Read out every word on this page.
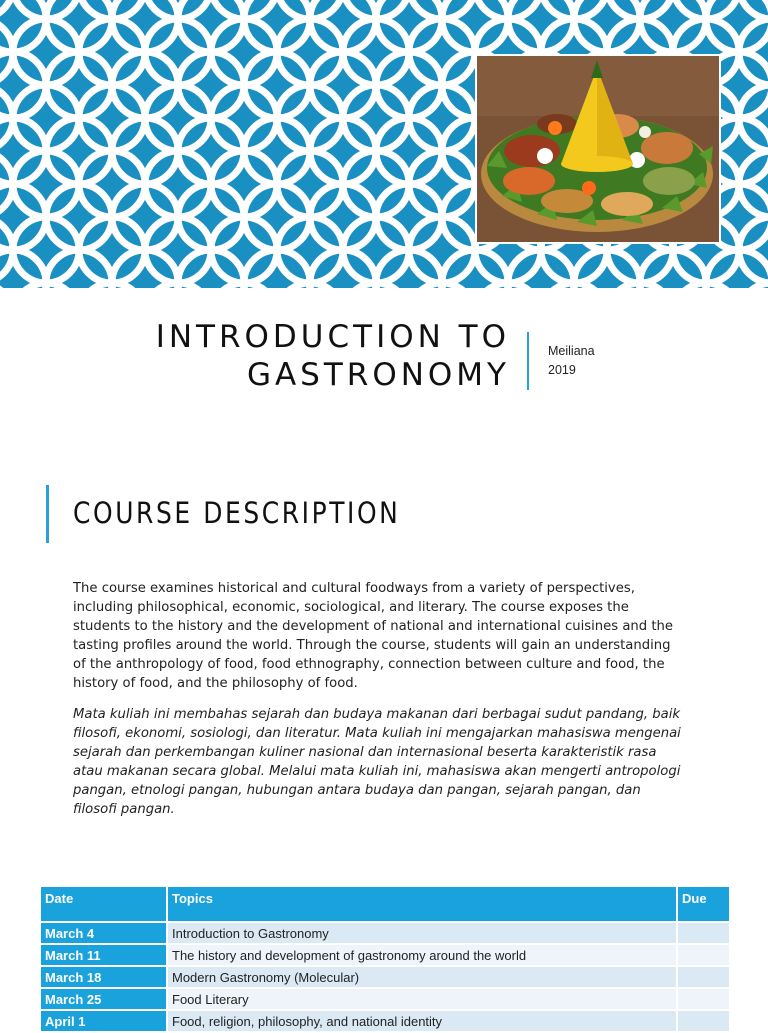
INTRODUCTION TO
GASTRONOMY
Meiliana
2019
COURSE DESCRIPTION

The course examines historical and cultural foodways from a variety of perspectives, including philosophical, economic, sociological, and literary. The course exposes the students to the history and the development of national and international cuisines and the tasting profiles around the world. Through the course, students will gain an understanding of the anthropology of food, food ethnography, connection between culture and food, the history of food, and the philosophy of food.

Mata kuliah ini membahas sejarah dan budaya makanan dari berbagai sudut pandang, baik filosofi, ekonomi, sosiologi, dan literatur. Mata kuliah ini mengajarkan mahasiswa mengenai sejarah dan perkembangan kuliner nasional dan internasional beserta karakteristik rasa atau makanan secara global. Melalui mata kuliah ini, mahasiswa akan mengerti antropologi pangan, etnologi pangan, hubungan antara budaya dan pangan, sejarah pangan, dan filosofi pangan.

Date	Topics	Due
March 4	Introduction to Gastronomy	
March 11	The history and development of gastronomy around the world	
March 18	Modern Gastronomy (Molecular)	
March 25	Food Literary	
April 1	Food, religion, philosophy, and national identity	
